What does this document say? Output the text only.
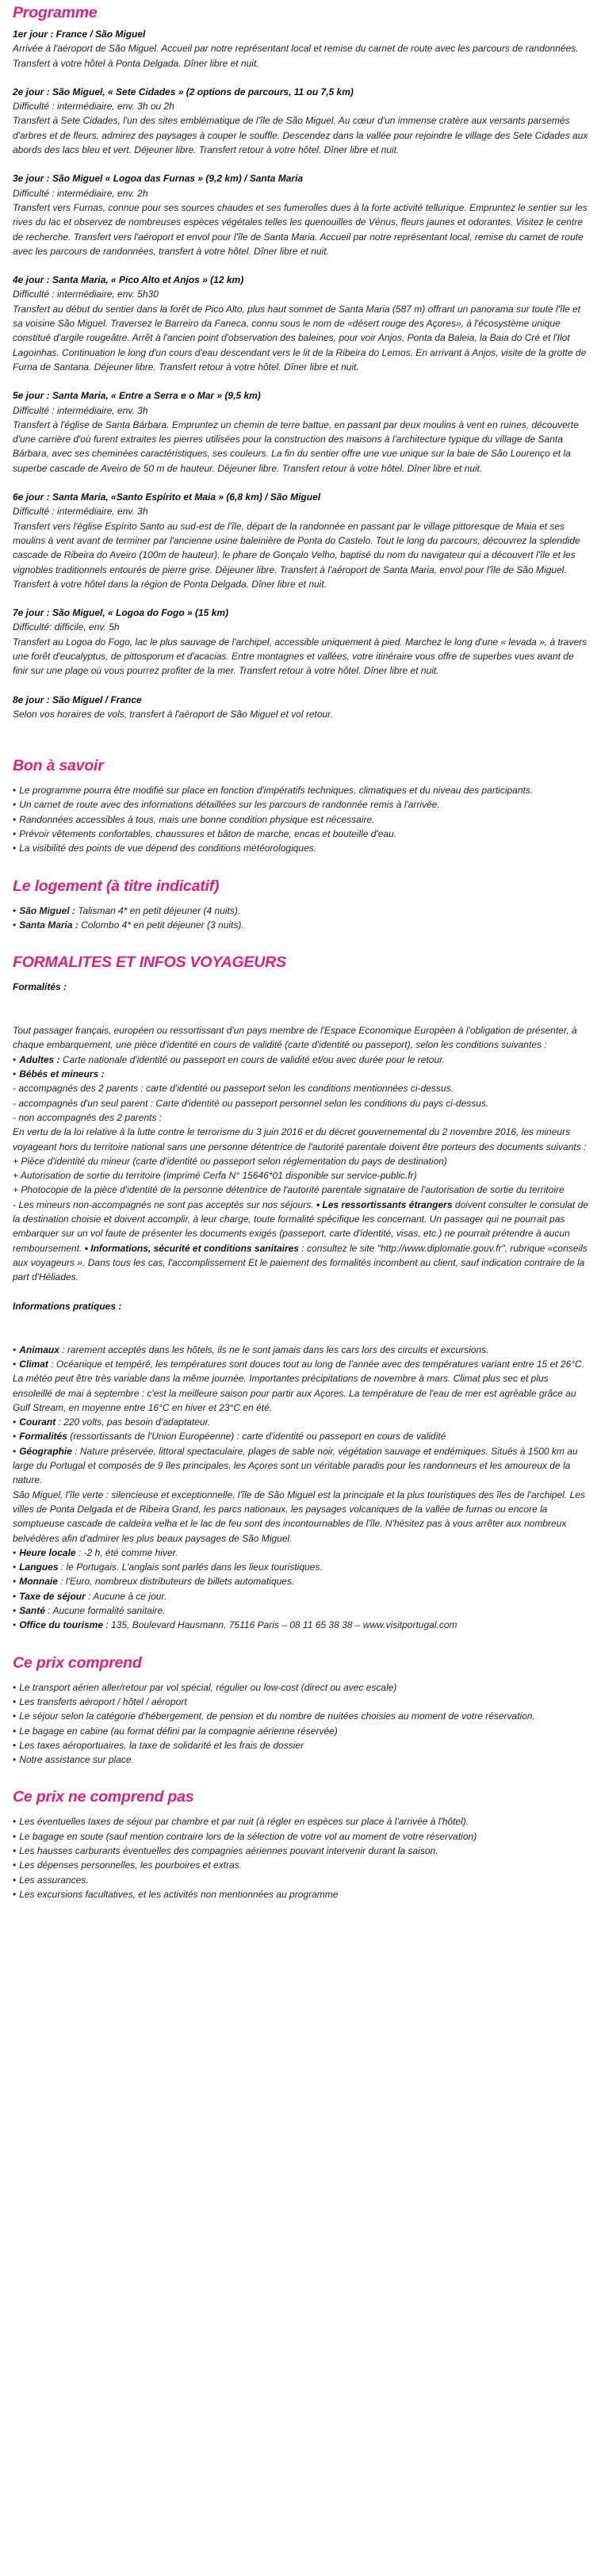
Programme

1er jour : France / São Miguel

Arrivée à l'aéroport de São Miguel. Accueil par notre représentant local et remise du carnet de route avec les parcours de randonnées. Transfert à votre hôtel à Ponta Delgada. Dîner libre et nuit.

2e jour : São Miguel, « Sete Cidades » (2 options de parcours, 11 ou 7,5 km)

Difficulté : intermédiaire, env. 3h ou 2h

Transfert à Sete Cidades, l'un des sites emblématique de l'île de São Miguel. Au cœur d'un immense cratère aux versants parsemés d'arbres et de fleurs, admirez des paysages à couper le souffle. Descendez dans la vallée pour rejoindre le village des Sete Cidades aux abords des lacs bleu et vert. Déjeuner libre. Transfert retour à votre hôtel. Dîner libre et nuit.

3e jour : São Miguel « Logoa das Furnas » (9,2 km) / Santa Maria

Difficulté : intermédiaire, env. 2h

Transfert vers Furnas, connue pour ses sources chaudes et ses fumerolles dues à la forte activité tellurique. Empruntez le sentier sur les rives du lac et observez de nombreuses espèces végétales telles les quenouilles de Vénus, fleurs jaunes et odorantes. Visitez le centre de recherche. Transfert vers l'aéroport et envol pour l'île de Santa Maria. Accueil par notre représentant local, remise du carnet de route avec les parcours de randonnées, transfert à votre hôtel. Dîner libre et nuit.

4e jour : Santa Maria, « Pico Alto et Anjos » (12 km)

Difficulté : intermédiaire, env. 5h30

Transfert au début du sentier dans la forêt de Pico Alto, plus haut sommet de Santa Maria (587 m) offrant un panorama sur toute l'île et sa voisine São Miguel. Traversez le Barreiro da Faneca, connu sous le nom de «désert rouge des Açores», à l'écosystème unique constitué d'argile rougeâtre. Arrêt à l'ancien point d'observation des baleines, pour voir Anjos, Ponta da Baleia, la Baia do Cré et l'Ilot Lagoinhas. Continuation le long d'un cours d'eau descendant vers le lit de la Ribeira do Lemos. En arrivant à Anjos, visite de la grotte de Furna de Santana. Déjeuner libre. Transfert retour à votre hôtel. Dîner libre et nuit.

5e jour : Santa Maria, « Entre a Serra e o Mar » (9,5 km)

Difficulté : intermédiaire, env. 3h

Transfert à l'église de Santa Bárbara. Empruntez un chemin de terre battue, en passant par deux moulins à vent en ruines, découverte d'une carrière d'où furent extraites les pierres utilisées pour la construction des maisons à l'architecture typique du village de Santa Bárbara, avec ses cheminées caractéristiques, ses couleurs. La fin du sentier offre une vue unique sur la baie de São Lourenço et la superbe cascade de Aveiro de 50 m de hauteur. Déjeuner libre. Transfert retour à votre hôtel. Dîner libre et nuit.

6e jour : Santa Maria, «Santo Espírito et Maia » (6,8 km) / São Miguel

Difficulté : intermédiaire, env. 3h

Transfert vers l'église Espírito Santo au sud-est de l'île, départ de la randonnée en passant par le village pittoresque de Maia et ses moulins à vent avant de terminer par l'ancienne usine baleinière de Ponta do Castelo. Tout le long du parcours, découvrez la splendide cascade de Ribeira do Aveiro (100m de hauteur), le phare de Gonçalo Velho, baptisé du nom du navigateur qui a découvert l'île et les vignobles traditionnels entourés de pierre grise. Déjeuner libre. Transfert à l'aéroport de Santa Maria, envol pour l'île de São Miguel. Transfert à votre hôtel dans la région de Ponta Delgada. Dîner libre et nuit.

7e jour : São Miguel, « Logoa do Fogo » (15 km)

Difficulté: difficile, env. 5h

Transfert au Logoa do Fogo, lac le plus sauvage de l'archipel, accessible uniquement à pied. Marchez le long d'une « levada », à travers une forêt d'eucalyptus, de pittosporum et d'acacias. Entre montagnes et vallées, votre itinéraire vous offre de superbes vues avant de finir sur une plage où vous pourrez profiter de la mer. Transfert retour à votre hôtel. Dîner libre et nuit.

8e jour : São Miguel / France

Selon vos horaires de vols, transfert à l'aéroport de São Miguel et vol retour.

Bon à savoir
• Le programme pourra être modifié sur place en fonction d'impératifs techniques, climatiques et du niveau des participants.
• Un carnet de route avec des informations détaillées sur les parcours de randonnée remis à l'arrivée.
• Randonnées accessibles à tous, mais une bonne condition physique est nécessaire.
• Prévoir vêtements confortables, chaussures et bâton de marche, encas et bouteille d'eau.
• La visibilité des points de vue dépend des conditions météorologiques.
Le logement (à titre indicatif)
• São Miguel : Talisman 4* en petit déjeuner (4 nuits).
• Santa Maria : Colombo 4* en petit déjeuner (3 nuits).
FORMALITES ET INFOS VOYAGEURS

Formalités :

Tout passager français, européen ou ressortissant d'un pays membre de l'Espace Economique Européen à l'obligation de présenter, à chaque embarquement, une pièce d'identité en cours de validité (carte d'identité ou passeport), selon les conditions suivantes :

• Adultes : Carte nationale d'identité ou passeport en cours de validité et/ou avec durée pour le retour.

• Bébés et mineurs :

- accompagnés des 2 parents : carte d'identité ou passeport selon les conditions mentionnées ci-dessus.

- accompagnés d'un seul parent : Carte d'identité ou passeport personnel selon les conditions du pays ci-dessus.

- non accompagnés des 2 parents :

En vertu de la loi relative à la lutte contre le terrorisme du 3 juin 2016 et du décret gouvernemental du 2 novembre 2016, les mineurs voyageant hors du territoire national sans une personne détentrice de l'autorité parentale doivent être porteurs des documents suivants :

+ Pièce d'identité du mineur (carte d'identité ou passeport selon réglementation du pays de destination)

+ Autorisation de sortie du territoire (imprimé Cerfa N° 15646*01 disponible sur service-public.fr)

+ Photocopie de la pièce d'identité de la personne détentrice de l'autorité parentale signataire de l'autorisation de sortie du territoire

- Les mineurs non-accompagnés ne sont pas acceptés sur nos séjours. • Les ressortissants étrangers doivent consulter le consulat de la destination choisie et doivent accomplir, à leur charge, toute formalité spécifique les concernant. Un passager qui ne pourrait pas embarquer sur un vol faute de présenter les documents exigés (passeport, carte d'identité, visas, etc.) ne pourrait prétendre à aucun remboursement. • Informations, sécurité et conditions sanitaires : consultez le site "http://www.diplomatie.gouv.fr", rubrique «conseils aux voyageurs ». Dans tous les cas, l'accomplissement Et le paiement des formalités incombent au client, sauf indication contraire de la part d'Héliades.

Informations pratiques :

• Animaux : rarement acceptés dans les hôtels, ils ne le sont jamais dans les cars lors des circuits et excursions.

• Climat : Océanique et tempéré, les températures sont douces tout au long de l'année avec des températures variant entre 15 et 26°C. La météo peut être très variable dans la même journée. Importantes précipitations de novembre à mars. Climat plus sec et plus ensoleillé de mai à septembre : c'est la meilleure saison pour partir aux Açores. La température de l'eau de mer est agréable grâce au Gulf Stream, en moyenne entre 16°C en hiver et 23°C en été.

• Courant : 220 volts, pas besoin d'adaptateur.

• Formalités (ressortissants de l'Union Européenne) : carte d'identité ou passeport en cours de validité

• Géographie : Nature préservée, littoral spectaculaire, plages de sable noir, végétation sauvage et endémiques. Situés à 1500 km au large du Portugal et composés de 9 îles principales, les Açores sont un véritable paradis pour les randonneurs et les amoureux de la nature.

São Miguel, l'île verte : silencieuse et exceptionnelle, l'île de São Miguel est la principale et la plus touristiques des îles de l'archipel. Les villes de Ponta Delgada et de Ribeira Grand, les parcs nationaux, les paysages volcaniques de la vallée de furnas ou encore la somptueuse cascade de caldeira velha et le lac de feu sont des incontournables de l'île. N'hésitez pas à vous arrêter aux nombreux belvédères afin d'admirer les plus beaux paysages de São Miguel.

• Heure locale : -2 h, été comme hiver.

• Langues : le Portugais. L'anglais sont parlés dans les lieux touristiques.

• Monnaie : l'Euro, nombreux distributeurs de billets automatiques.

• Taxe de séjour : Aucune à ce jour.

• Santé : Aucune formalité sanitaire.

• Office du tourisme : 135, Boulevard Hausmann, 75116 Paris – 08 11 65 38 38 – www.visitportugal.com

Ce prix comprend
• Le transport aérien aller/retour par vol spécial, régulier ou low-cost (direct ou avec escale)
• Les transferts aéroport / hôtel / aéroport
• Le séjour selon la catégorie d'hébergement, de pension et du nombre de nuitées choisies au moment de votre réservation.
• Le bagage en cabine (au format défini par la compagnie aérienne réservée)
• Les taxes aéroportuaires, la taxe de solidarité et les frais de dossier
• Notre assistance sur place.
Ce prix ne comprend pas
• Les éventuelles taxes de séjour par chambre et par nuit (à régler en espèces sur place à l'arrivée à l'hôtel).
• Le bagage en soute (sauf mention contraire lors de la sélection de votre vol au moment de votre réservation)
• Les hausses carburants éventuelles des compagnies aériennes pouvant intervenir durant la saison.
• Les dépenses personnelles, les pourboires et extras.
• Les assurances.
• Les excursions facultatives, et les activités non mentionnées au programme
